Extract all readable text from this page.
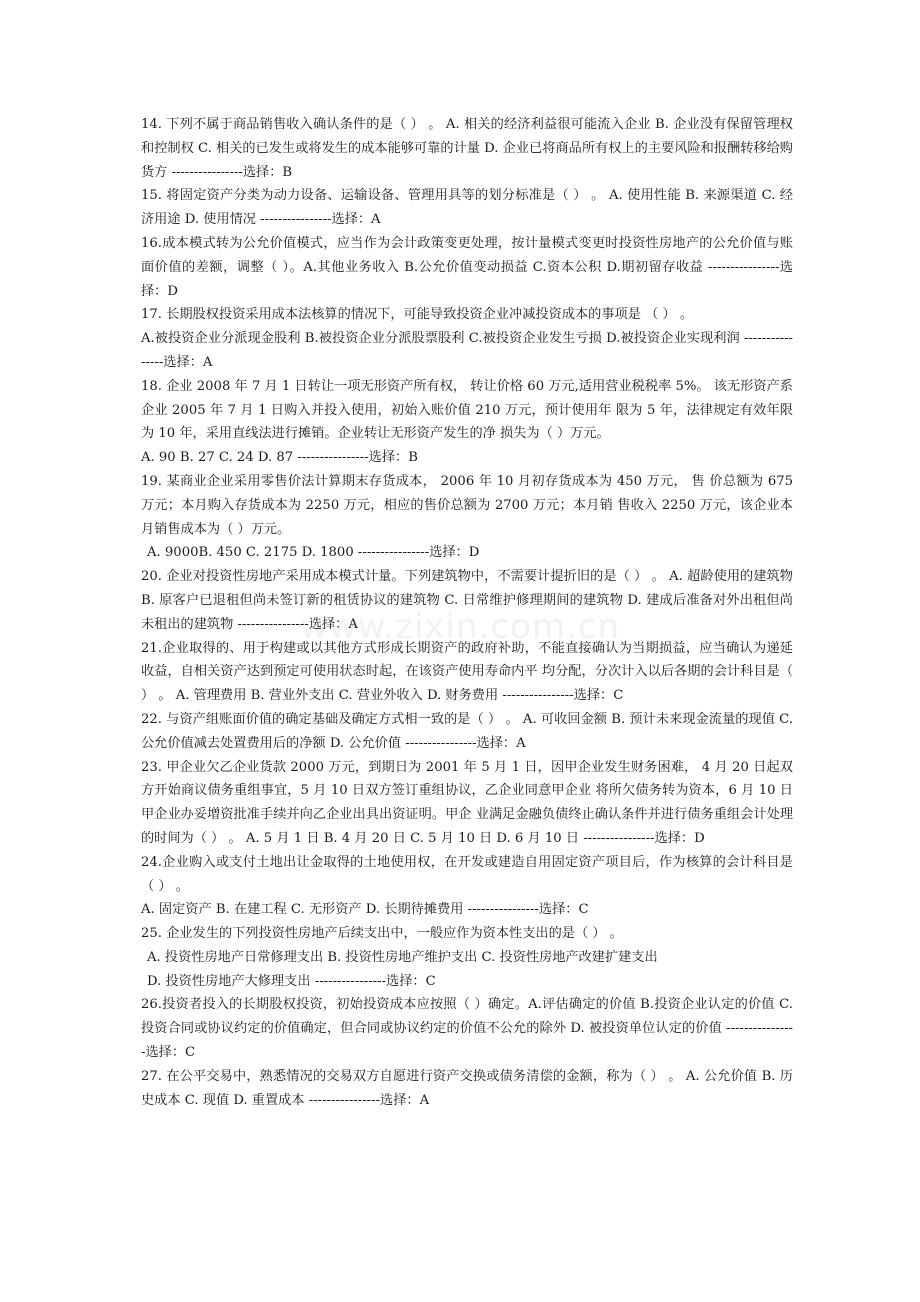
14. 下列不属于商品销售收入确认条件的是（ ） 。 A. 相关的经济利益很可能流入企业 B. 企业没有保留管理权和控制权 C. 相关的已发生或将发生的成本能够可靠的计量 D. 企业已将商品所有权上的主要风险和报酬转移给购货方 ----------------选择：B

15. 将固定资产分类为动力设备、运输设备、管理用具等的划分标准是（ ） 。 A. 使用性能 B. 来源渠道 C. 经济用途 D. 使用情况 ----------------选择：A

16.成本模式转为公允价值模式，应当作为会计政策变更处理，按计量模式变更时投资性房地产的公允价值与账面价值的差额，调整（ ）。A.其他业务收入 B.公允价值变动损益 C.资本公积 D.期初留存收益 ----------------选择：D

17. 长期股权投资采用成本法核算的情况下，可能导致投资企业冲减投资成本的事项是 （ ） 。

A.被投资企业分派现金股利 B.被投资企业分派股票股利 C.被投资企业发生亏损 D.被投资企业实现利润 ----------------选择：A

18. 企业 2008 年 7 月 1 日转让一项无形资产所有权， 转让价格 60 万元,适用营业税税率 5%。 该无形资产系企业 2005 年 7 月 1 日购入并投入使用，初始入账价值 210 万元，预计使用年 限为 5 年，法律规定有效年限为 10 年，采用直线法进行摊销。企业转让无形资产发生的净 损失为（ ）万元。

A. 90 B. 27 C. 24 D. 87 ----------------选择：B

19. 某商业企业采用零售价法计算期末存货成本， 2006 年 10 月初存货成本为 450 万元， 售 价总额为 675 万元；本月购入存货成本为 2250 万元，相应的售价总额为 2700 万元；本月销 售收入 2250 万元，该企业本月销售成本为（ ）万元。

A. 9000B. 450 C. 2175 D. 1800 ----------------选择：D

20. 企业对投资性房地产采用成本模式计量。下列建筑物中，不需要计提折旧的是（ ） 。 A. 超龄使用的建筑物 B. 原客户已退租但尚未签订新的租赁协议的建筑物 C. 日常维护修理期间的建筑物 D. 建成后准备对外出租但尚未租出的建筑物 ----------------选择：A

21.企业取得的、用于构建或以其他方式形成长期资产的政府补助，不能直接确认为当期损益，应当确认为递延收益，自相关资产达到预定可使用状态时起，在该资产使用寿命内平 均分配，分次计入以后各期的会计科目是（ ） 。 A. 管理费用 B. 营业外支出 C. 营业外收入 D. 财务费用 ----------------选择：C

22. 与资产组账面价值的确定基础及确定方式相一致的是（ ） 。 A. 可收回金额 B. 预计未来现金流量的现值 C. 公允价值减去处置费用后的净额 D. 公允价值 ----------------选择：A

23. 甲企业欠乙企业货款 2000 万元，到期日为 2001 年 5 月 1 日，因甲企业发生财务困难， 4 月 20 日起双方开始商议债务重组事宜，5 月 10 日双方签订重组协议，乙企业同意甲企业 将所欠债务转为资本，6 月 10 日甲企业办妥增资批准手续并向乙企业出具出资证明。甲企 业满足金融负债终止确认条件并进行债务重组会计处理的时间为（ ） 。 A. 5 月 1 日 B. 4 月 20 日 C. 5 月 10 日 D. 6 月 10 日 ----------------选择：D

24.企业购入或支付土地出让金取得的土地使用权，在开发或建造自用固定资产项目后，作为核算的会计科目是（ ） 。

A. 固定资产 B. 在建工程 C. 无形资产 D. 长期待摊费用 ----------------选择：C

25. 企业发生的下列投资性房地产后续支出中，一般应作为资本性支出的是（ ） 。

A. 投资性房地产日常修理支出 B. 投资性房地产维护支出 C. 投资性房地产改建扩建支出

D. 投资性房地产大修理支出 ----------------选择：C

26.投资者投入的长期股权投资，初始投资成本应按照（ ）确定。A.评估确定的价值 B.投资企业认定的价值 C. 投资合同或协议约定的价值确定，但合同或协议约定的价值不公允的除外 D. 被投资单位认定的价值 ----------------选择：C

27. 在公平交易中，熟悉情况的交易双方自愿进行资产交换或债务清偿的金额，称为（ ） 。 A. 公允价值 B. 历史成本 C. 现值 D. 重置成本 ----------------选择：A

www.zixin.com.cn
